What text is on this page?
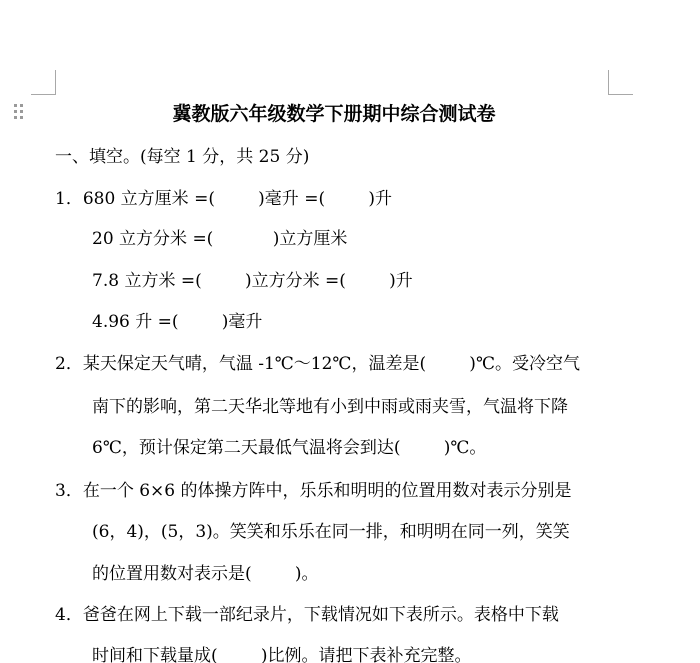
冀教版六年级数学下册期中综合测试卷
一、填空。(每空 1 分，共 25 分)
1．680 立方厘米 =(        )毫升 =(        )升
20 立方分米 =(           )立方厘米
7.8 立方米 =(        )立方分米 =(        )升
4.96 升 =(        )毫升
2．某天保定天气晴，气温 -1℃～12℃，温差是(        )℃。受冷空气
南下的影响，第二天华北等地有小到中雨或雨夹雪，气温将下降
6℃，预计保定第二天最低气温将会到达(        )℃。
3．在一个 6×6 的体操方阵中，乐乐和明明的位置用数对表示分别是
(6，4)，(5，3)。笑笑和乐乐在同一排，和明明在同一列，笑笑
的位置用数对表示是(        )。
4．爸爸在网上下载一部纪录片，下载情况如下表所示。表格中下载
时间和下载量成(        )比例。请把下表补充完整。
